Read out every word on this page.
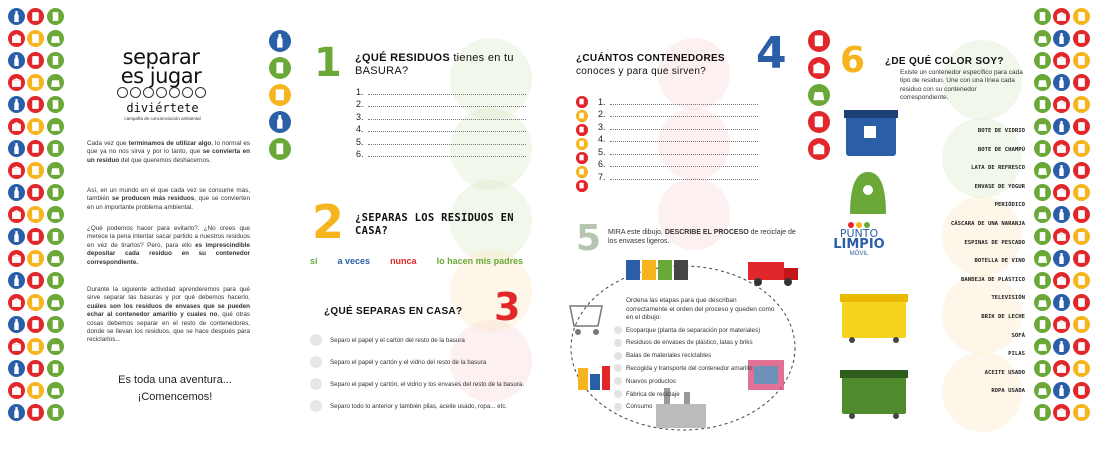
separar es jugar
diviértete
campaña de concienciación ambiental
Cada vez que terminamos de utilizar algo, lo normal es que ya no nos sirva y por lo tanto, que se convierta en un residuo del que queremos deshacernos.
Así, en un mundo en el que cada vez se consume más, también se producen más residuos, que se convierten en un importante problema ambiental.
¿Qué podemos hacer para evitarlo?. ¿No crees que merece la pena intentar sacar partido a nuestros residuos en vez de tirarlos? Pero, para ello es imprescindible depositar cada residuo en su contenedor correspondiente.
Durante la siguiente actividad aprenderemos para qué sirve separar las basuras y por qué debemos hacerlo, cuáles son los residuos de envases que se pueden echar al contenedor amarillo y cuales no, qué otras cosas debemos separar en el resto de contenedores, donde se llevan los residuos, que se hace después para reciclarlos...
Es toda una aventura...
¡Comencemos!
1 ¿QUÉ RESIDUOS tienes en tu BASURA?
1.
2.
3.
4.
5.
6.
2 ¿SEPARAS LOS RESIDUOS EN CASA?
sí a veces nunca lo hacen mis padres
¿QUÉ SEPARAS EN CASA? 3
Separo el papel y el cartón del resto de la basura
Separo el papel y cartón y el vidrio del resto de la basura
Separo el papel y cartón, el vidrio y los envases del resto de la basura.
Separo todo lo anterior y también pilas, aceite usado, ropa... etc.
¿CUÁNTOS CONTENEDORES conoces y para que sirven?	4
1.
2.
3.
4.
5.
6.
7.
5 MIRA este dibujo, DESCRIBE EL PROCESO de reciclaje de los envases ligeros.
Ordena las etapas para que describan correctamente el orden del proceso y queden como en el dibujo:
Ecoparque (planta de separación por materiales)
Residuos de envases de plástico, latas y briks
Balas de materiales reciclables
Recogida y transporte del contenedor amarillo
Nuevos productos
Fábrica de reciclaje
Consumo
6 ¿DE QUÉ COLOR SOY?
Existe un contenedor específico para cada tipo de residuo. Une con una línea cada residuo con su contenedor correspondiente.
PUNTO
LIMPIO
MÓVIL
BOTE DE VIDRIO
BOTE DE CHAMPÚ
LATA DE REFRESCO
ENVASE DE YOGUR
PERIÓDICO
CÁSCARA DE UNA NARANJA
ESPINAS DE PESCADO
BOTELLA DE VINO
BANDEJA DE PLÁSTICO
TELEVISIÓN
BRIK DE LECHE
SOFÁ
PILAS
ACEITE USADO
ROPA USADA
